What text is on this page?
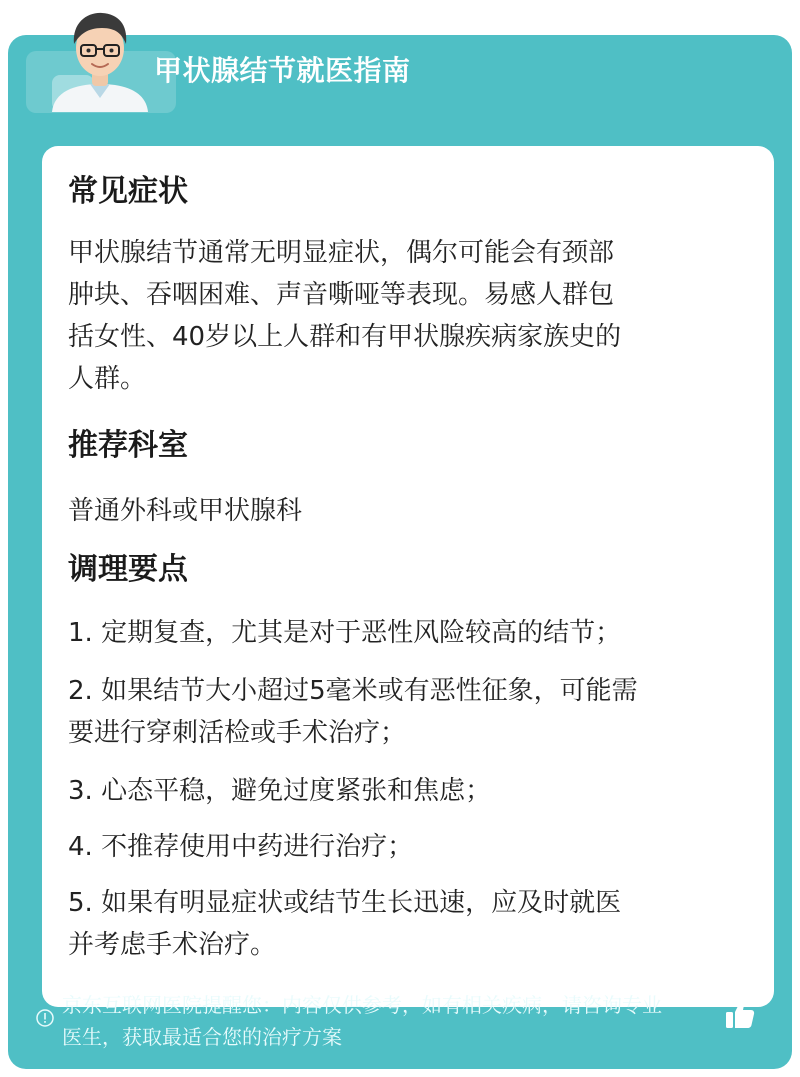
甲状腺结节就医指南
常见症状
甲状腺结节通常无明显症状，偶尔可能会有颈部
肿块、吞咽困难、声音嘶哑等表现。易感人群包
括女性、40岁以上人群和有甲状腺疾病家族史的
人群。
推荐科室
普通外科或甲状腺科
调理要点
1. 定期复查，尤其是对于恶性风险较高的结节；
2. 如果结节大小超过5毫米或有恶性征象，可能需
要进行穿刺活检或手术治疗；
3. 心态平稳，避免过度紧张和焦虑；
4. 不推荐使用中药进行治疗；
5. 如果有明显症状或结节生长迅速，应及时就医
并考虑手术治疗。
京东互联网医院提醒您：内容仅供参考，如有相关疾病，请咨询专业
医生，获取最适合您的治疗方案
